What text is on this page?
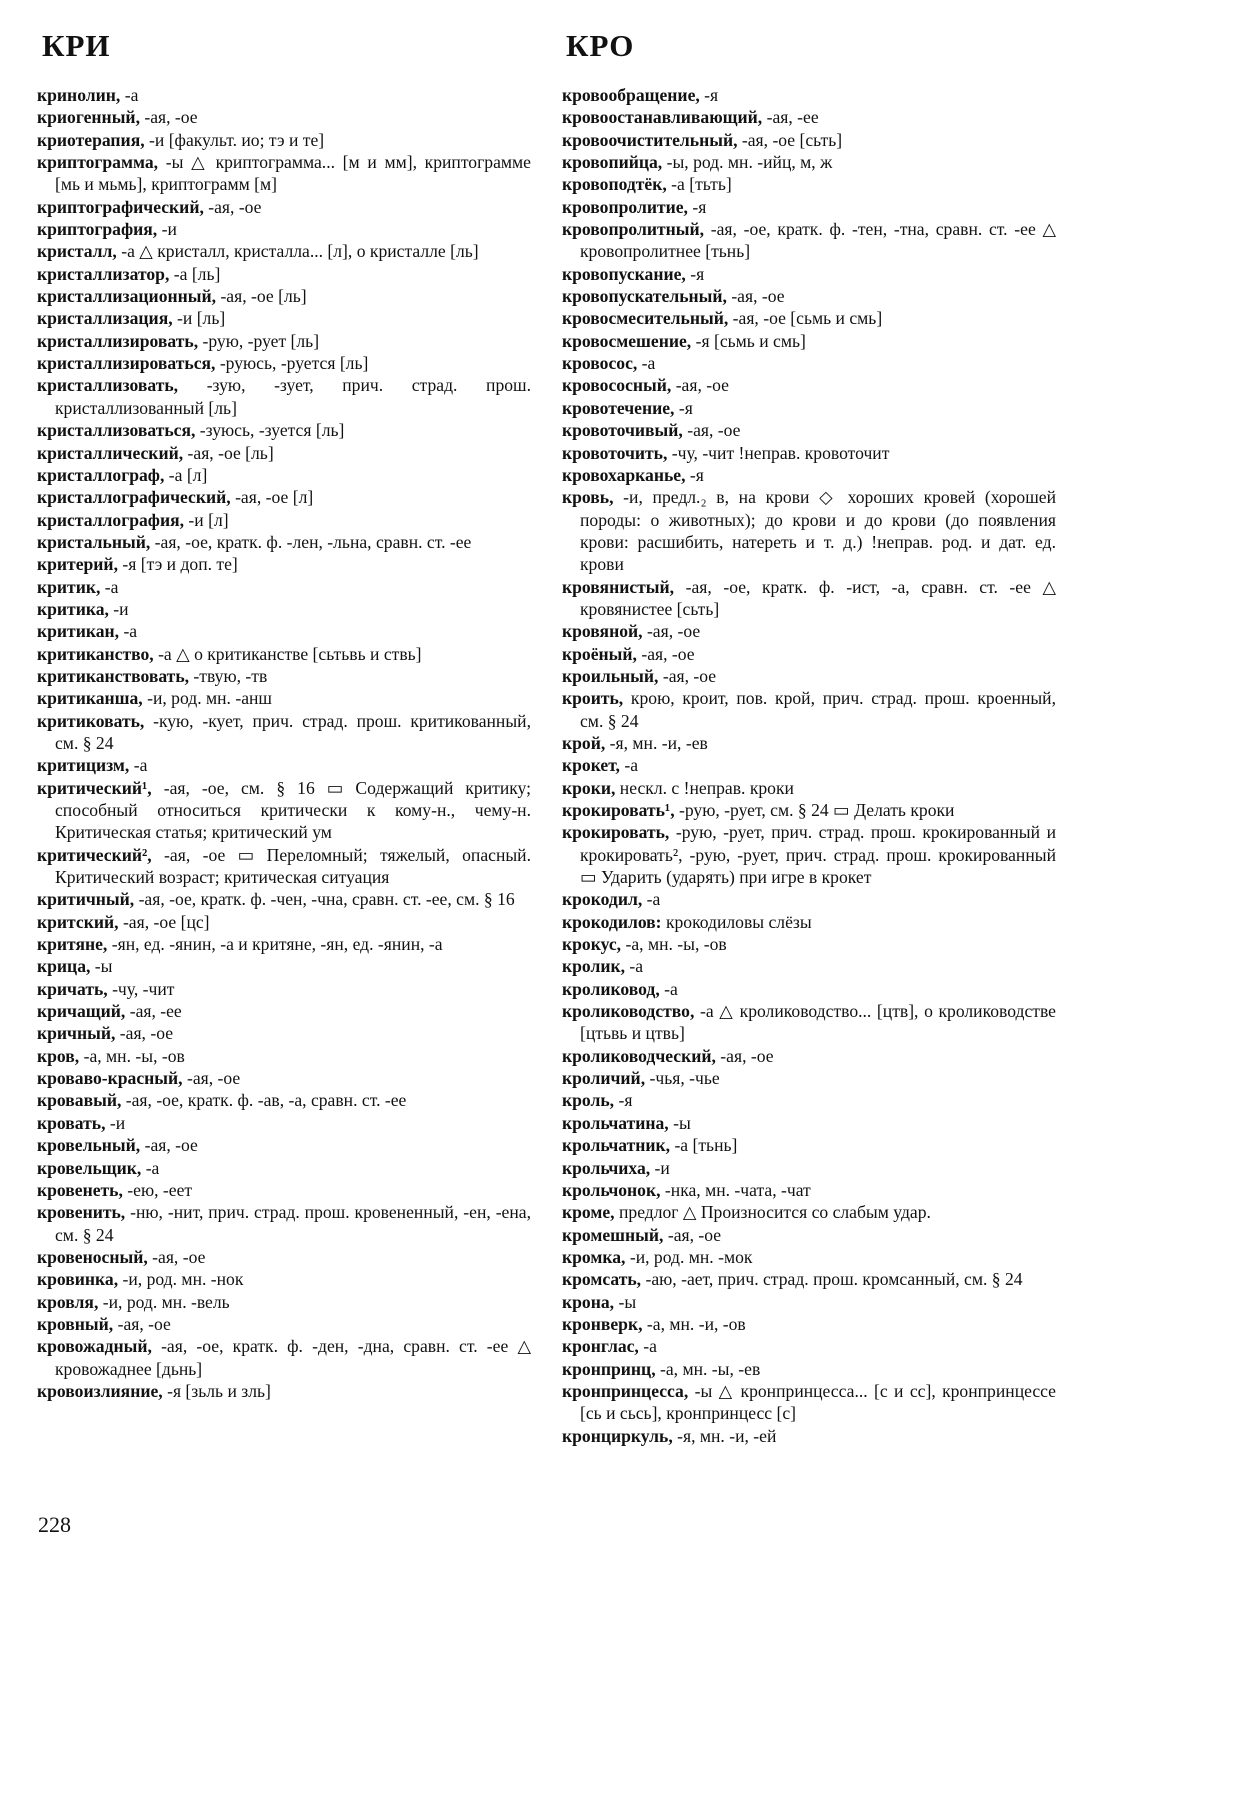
КРИ	КРО
кринолин, -а
криогенный, -ая, -ое
криотерапия, -и [факульт. ио; тэ и те]
криптограмма, -ы △ криптограмма... [м и мм], криптограмме [мь и мьмь], криптограмм [м]
криптографический, -ая, -ое
криптография, -и
кристалл, -а △ кристалл, кристалла... [л], о кристалле [ль]
кристаллизатор, -а [ль]
кристаллизационный, -ая, -ое [ль]
кристаллизация, -и [ль]
кристаллизировать, -рую, -рует [ль]
кристаллизироваться, -руюсь, -руется [ль]
кристаллизовать, -зую, -зует, прич. страд. прош. кристаллизованный [ль]
кристаллизоваться, -зуюсь, -зуется [ль]
кристаллический, -ая, -ое [ль]
кристаллограф, -а [л]
кристаллографический, -ая, -ое [л]
кристаллография, -и [л]
кристальный, -ая, -ое, кратк. ф. -лен, -льна, сравн. ст. -ее
критерий, -я [тэ и доп. те]
критик, -а
критика, -и
критикан, -а
критиканство, -а △ о критиканстве [сьтьвь и ствь]
критиканствовать, -твую, -тв
критиканша, -и, род. мн. -анш
критиковать, -кую, -кует, прич. страд. прош. критикованный, см. § 24
критицизм, -а
критический¹, -ая, -ое, см. § 16 ▭ Содержащий критику; способный относиться критически к кому-н., чему-н. Критическая статья; критический ум
критический², -ая, -ое ▭ Переломный; тяжелый, опасный. Критический возраст; критическая ситуация
критичный, -ая, -ое, кратк. ф. -чен, -чна, сравн. ст. -ее, см. § 16
критский, -ая, -ое [цс]
критяне, -ян, ед. -янин, -а и критяне, -ян, ед. -янин, -а
крица, -ы
кричать, -чу, -чит
кричащий, -ая, -ее
кричный, -ая, -ое
кров, -а, мн. -ы, -ов
кроваво-красный, -ая, -ое
кровавый, -ая, -ое, кратк. ф. -ав, -а, сравн. ст. -ее
кровать, -и
кровельный, -ая, -ое
кровельщик, -а
кровенеть, -ею, -еет
кровенить, -ню, -нит, прич. страд. прош. кровененный, -ен, -ена, см. § 24
кровеносный, -ая, -ое
кровинка, -и, род. мн. -нок
кровля, -и, род. мн. -вель
кровный, -ая, -ое
кровожадный, -ая, -ое, кратк. ф. -ден, -дна, сравн. ст. -ее △ кровожаднее [дьнь]
кровоизлияние, -я [зьль и зль]
кровообращение, -я
кровоостанавливающий, -ая, -ее
кровоочистительный, -ая, -ое [сьть]
кровопийца, -ы, род. мн. -ийц, м, ж
кровоподтёк, -а [тьть]
кровопролитие, -я
кровопролитный, -ая, -ое, кратк. ф. -тен, -тна, сравн. ст. -ее △ кровопролитнее [тьнь]
кровопускание, -я
кровопускательный, -ая, -ое
кровосмесительный, -ая, -ое [сьмь и смь]
кровосмешение, -я [сьмь и смь]
кровосос, -а
кровососный, -ая, -ое
кровотечение, -я
кровоточивый, -ая, -ое
кровоточить, -чу, -чит !неправ. кровоточит
кровохарканье, -я
кровь, -и, предл.₂ в, на крови ◇ хороших кровей (хорошей породы: о животных); до крови и до крови (до появления крови: расшибить, натереть и т. д.) !неправ. род. и дат. ед. крови
кровянистый, -ая, -ое, кратк. ф. -ист, -а, сравн. ст. -ее △ кровянистее [сьть]
кровяной, -ая, -ое
кроёный, -ая, -ое
кроильный, -ая, -ое
кроить, крою, кроит, пов. крой, прич. страд. прош. кроенный, см. § 24
крой, -я, мн. -и, -ев
крокет, -а
кроки, нескл. с !неправ. кроки
крокировать¹, -рую, -рует, см. § 24 ▭ Делать кроки
крокировать, -рую, -рует, прич. страд. прош. крокированный и крокировать², -рую, -рует, прич. страд. прош. крокированный ▭ Ударить (ударять) при игре в крокет
крокодил, -а
крокодилов: крокодиловы слёзы
крокус, -а, мн. -ы, -ов
кролик, -а
кроликовод, -а
кролиководство, -а △ кролиководство... [цтв], о кролиководстве [цтьвь и цтвь]
кролиководческий, -ая, -ое
кроличий, -чья, -чье
кроль, -я
крольчатина, -ы
крольчатник, -а [тьнь]
крольчиха, -и
крольчонок, -нка, мн. -чата, -чат
кроме, предлог △ Произносится со слабым удар.
кромешный, -ая, -ое
кромка, -и, род. мн. -мок
кромсать, -аю, -ает, прич. страд. прош. кромсанный, см. § 24
крона, -ы
кронверк, -а, мн. -и, -ов
кронглас, -а
кронпринц, -а, мн. -ы, -ев
кронпринцесса, -ы △ кронпринцесса... [с и сс], кронпринцессе [сь и сьсь], кронпринцесс [с]
кронциркуль, -я, мн. -и, -ей
228
